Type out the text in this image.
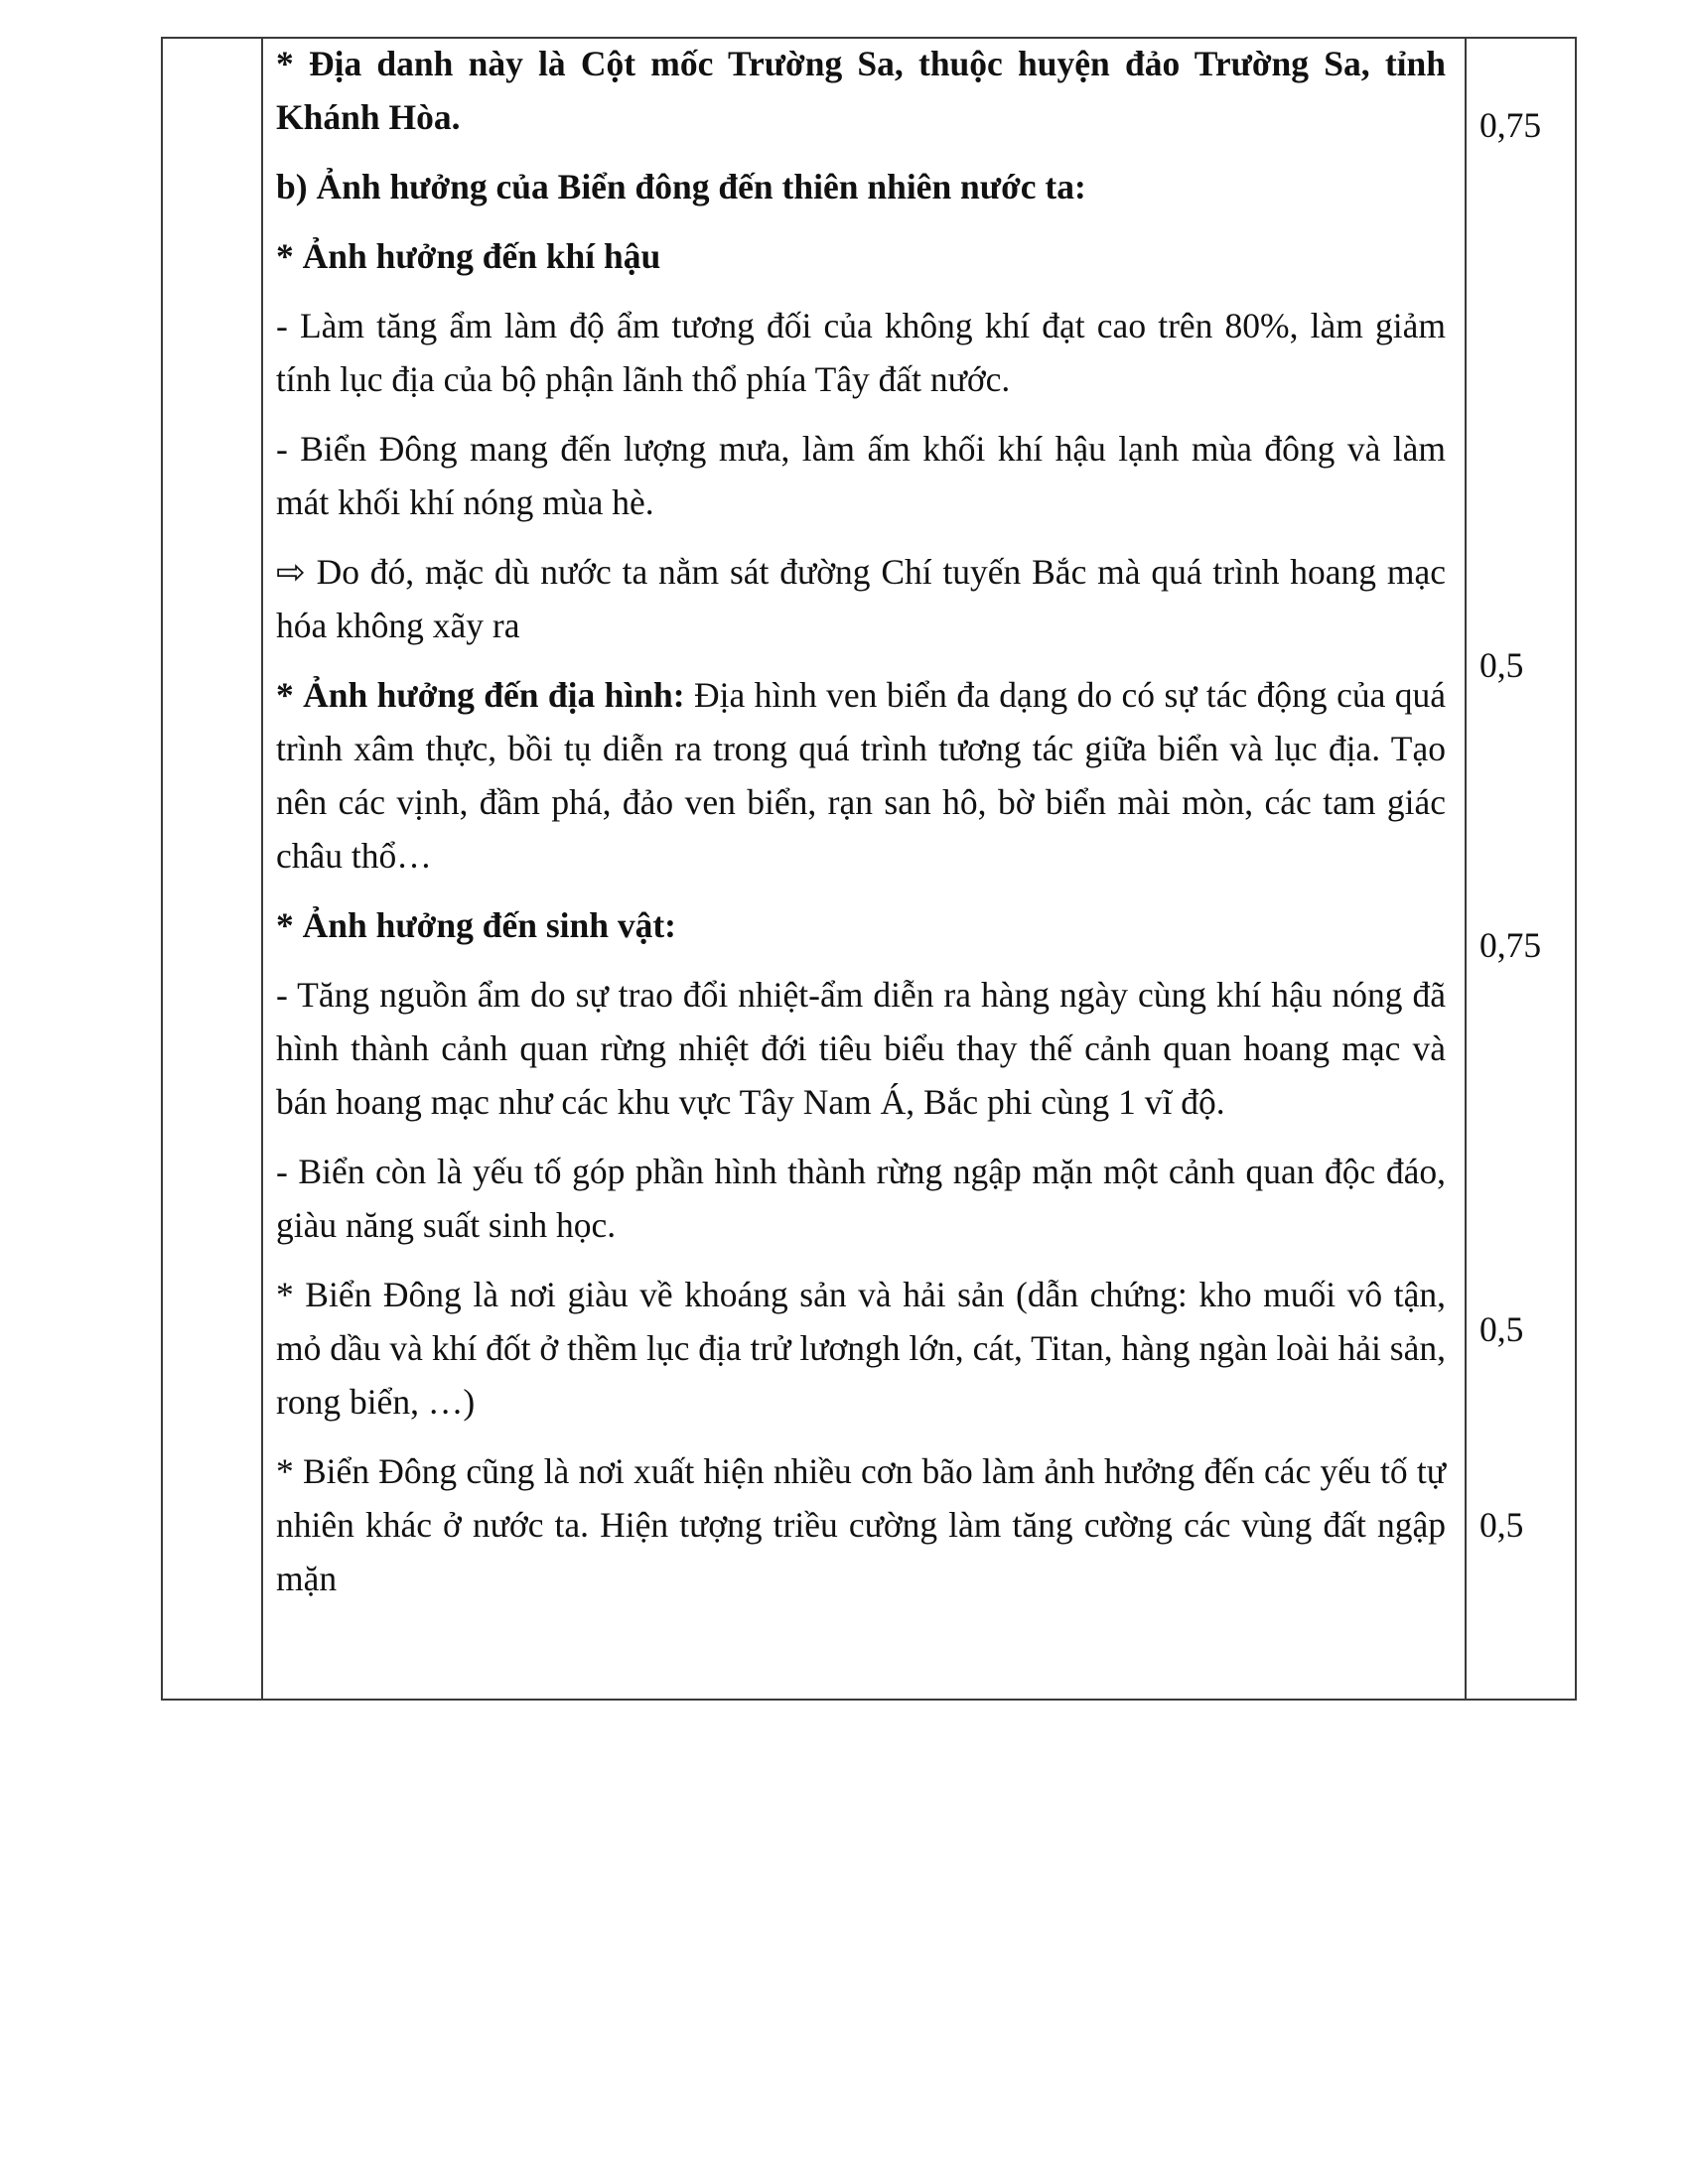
* Địa danh này là Cột mốc Trường Sa, thuộc huyện đảo Trường Sa, tỉnh Khánh Hòa.

b) Ảnh hưởng của Biển đông đến thiên nhiên nước ta:

* Ảnh hưởng đến khí hậu

- Làm tăng ẩm làm độ ẩm tương đối của không khí đạt cao trên 80%, làm giảm tính lục địa của bộ phận lãnh thổ phía Tây đất nước.

- Biển Đông mang đến lượng mưa, làm ấm khối khí hậu lạnh mùa đông và làm mát khối khí nóng mùa hè.

⇨ Do đó, mặc dù nước ta nằm sát đường Chí tuyến Bắc mà quá trình hoang mạc hóa không xãy ra

* Ảnh hưởng đến địa hình: Địa hình ven biển đa dạng do có sự tác động của quá trình xâm thực, bồi tụ diễn ra trong quá trình tương tác giữa biển và lục địa. Tạo nên các vịnh, đầm phá, đảo ven biển, rạn san hô, bờ biển mài mòn, các tam giác châu thổ…

* Ảnh hưởng đến sinh vật:

- Tăng nguồn ẩm do sự trao đổi nhiệt-ẩm diễn ra hàng ngày cùng khí hậu nóng đã hình thành cảnh quan rừng nhiệt đới tiêu biểu thay thế cảnh quan hoang mạc và bán hoang mạc như các khu vực Tây Nam Á, Bắc phi cùng 1 vĩ độ.

- Biển còn là yếu tố góp phần hình thành rừng ngập mặn một cảnh quan độc đáo, giàu năng suất sinh học.

* Biển Đông là nơi giàu về khoáng sản và hải sản (dẫn chứng: kho muối vô tận, mỏ dầu và khí đốt ở thềm lục địa trử lươngh lớn, cát, Titan, hàng ngàn loài hải sản, rong biển, …)

* Biển Đông cũng là nơi xuất hiện nhiều cơn bão làm ảnh hưởng đến các yếu tố tự nhiên khác ở nước ta. Hiện tượng triều cường làm tăng cường các vùng đất ngập mặn

0,75
0,5
0,75
0,5
0,5
